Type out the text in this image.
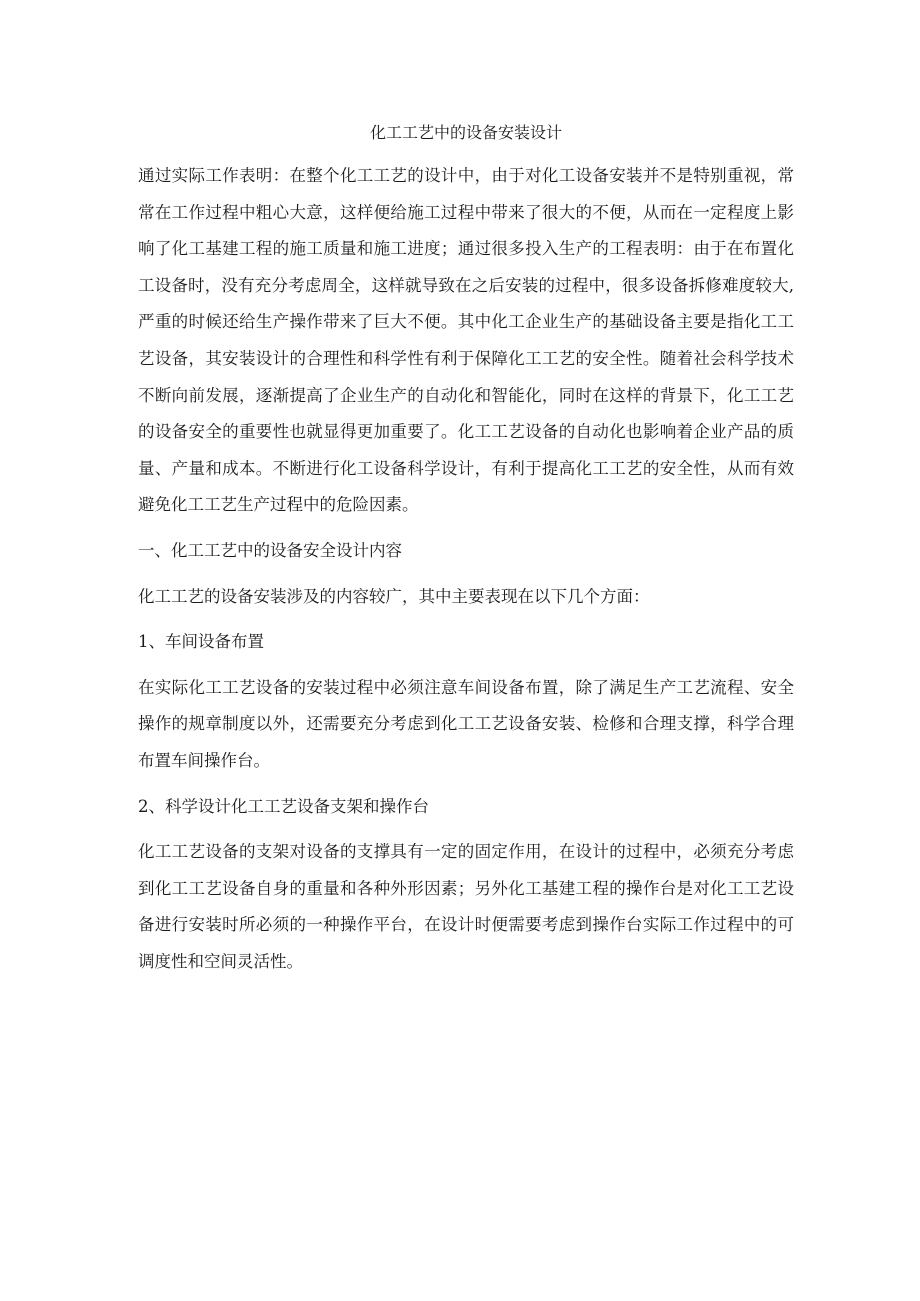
化工工艺中的设备安装设计

通过实际工作表明：在整个化工工艺的设计中，由于对化工设备安装并不是特别重视，常常在工作过程中粗心大意，这样便给施工过程中带来了很大的不便，从而在一定程度上影响了化工基建工程的施工质量和施工进度；通过很多投入生产的工程表明：由于在布置化工设备时，没有充分考虑周全，这样就导致在之后安装的过程中，很多设备拆修难度较大,严重的时候还给生产操作带来了巨大不便。其中化工企业生产的基础设备主要是指化工工艺设备，其安装设计的合理性和科学性有利于保障化工工艺的安全性。随着社会科学技术不断向前发展，逐渐提高了企业生产的自动化和智能化，同时在这样的背景下，化工工艺的设备安全的重要性也就显得更加重要了。化工工艺设备的自动化也影响着企业产品的质量、产量和成本。不断进行化工设备科学设计，有利于提高化工工艺的安全性，从而有效避免化工工艺生产过程中的危险因素。

一、化工工艺中的设备安全设计内容

化工工艺的设备安装涉及的内容较广，其中主要表现在以下几个方面：

1、车间设备布置

在实际化工工艺设备的安装过程中必须注意车间设备布置，除了满足生产工艺流程、安全操作的规章制度以外，还需要充分考虑到化工工艺设备安装、检修和合理支撑，科学合理布置车间操作台。

2、科学设计化工工艺设备支架和操作台

化工工艺设备的支架对设备的支撑具有一定的固定作用，在设计的过程中，必须充分考虑到化工工艺设备自身的重量和各种外形因素；另外化工基建工程的操作台是对化工工艺设备进行安装时所必须的一种操作平台，在设计时便需要考虑到操作台实际工作过程中的可调度性和空间灵活性。
